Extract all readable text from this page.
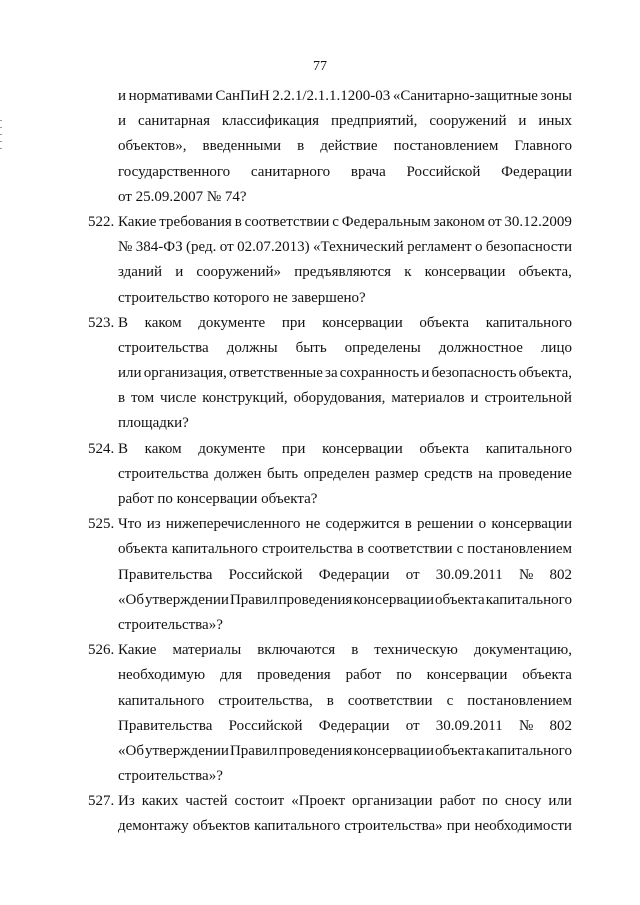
77
и нормативами СанПиН 2.2.1/2.1.1.1200-03 «Санитарно-защитные зоны
и санитарная классификация предприятий, сооружений и иных
объектов», введенными в действие постановлением Главного
государственного санитарного врача Российской Федерации
от 25.09.2007 № 74?
522. Какие требования в соответствии с Федеральным законом от 30.12.2009
№ 384-ФЗ (ред. от 02.07.2013) «Технический регламент о безопасности
зданий и сооружений» предъявляются к консервации объекта,
строительство которого не завершено?
523. В каком документе при консервации объекта капитального
строительства должны быть определены должностное лицо
или организация, ответственные за сохранность и безопасность объекта,
в том числе конструкций, оборудования, материалов и строительной
площадки?
524. В каком документе при консервации объекта капитального
строительства должен быть определен размер средств на проведение
работ по консервации объекта?
525. Что из нижеперечисленного не содержится в решении о консервации
объекта капитального строительства в соответствии с постановлением
Правительства Российской Федерации от 30.09.2011 № 802
«Об утверждении Правил проведения консервации объекта капитального
строительства»?
526. Какие материалы включаются в техническую документацию,
необходимую для проведения работ по консервации объекта
капитального строительства, в соответствии с постановлением
Правительства Российской Федерации от 30.09.2011 № 802
«Об утверждении Правил проведения консервации объекта капитального
строительства»?
527. Из каких частей состоит «Проект организации работ по сносу или
демонтажу объектов капитального строительства» при необходимости
